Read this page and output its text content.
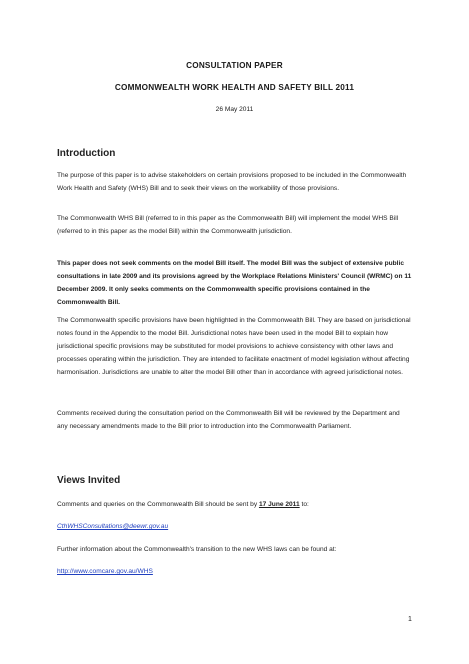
CONSULTATION PAPER
COMMONWEALTH WORK HEALTH AND SAFETY BILL 2011
26 May 2011
Introduction

The purpose of this paper is to advise stakeholders on certain provisions proposed to be included in the Commonwealth Work Health and Safety (WHS) Bill and to seek their views on the workability of those provisions.

The Commonwealth WHS Bill (referred to in this paper as the Commonwealth Bill) will implement the model WHS Bill (referred to in this paper as the model Bill) within the Commonwealth jurisdiction.

This paper does not seek comments on the model Bill itself. The model Bill was the subject of extensive public consultations in late 2009 and its provisions agreed by the Workplace Relations Ministers' Council (WRMC) on 11 December 2009. It only seeks comments on the Commonwealth specific provisions contained in the Commonwealth Bill.

The Commonwealth specific provisions have been highlighted in the Commonwealth Bill. They are based on jurisdictional notes found in the Appendix to the model Bill. Jurisdictional notes have been used in the model Bill to explain how jurisdictional specific provisions may be substituted for model provisions to achieve consistency with other laws and processes operating within the jurisdiction. They are intended to facilitate enactment of model legislation without affecting harmonisation. Jurisdictions are unable to alter the model Bill other than in accordance with agreed jurisdictional notes.

Comments received during the consultation period on the Commonwealth Bill will be reviewed by the Department and any necessary amendments made to the Bill prior to introduction into the Commonwealth Parliament.

Views Invited

Comments and queries on the Commonwealth Bill should be sent by 17 June 2011 to:

CthWHSConsultations@deewr.gov.au

Further information about the Commonwealth's transition to the new WHS laws can be found at:

http://www.comcare.gov.au/WHS

1
